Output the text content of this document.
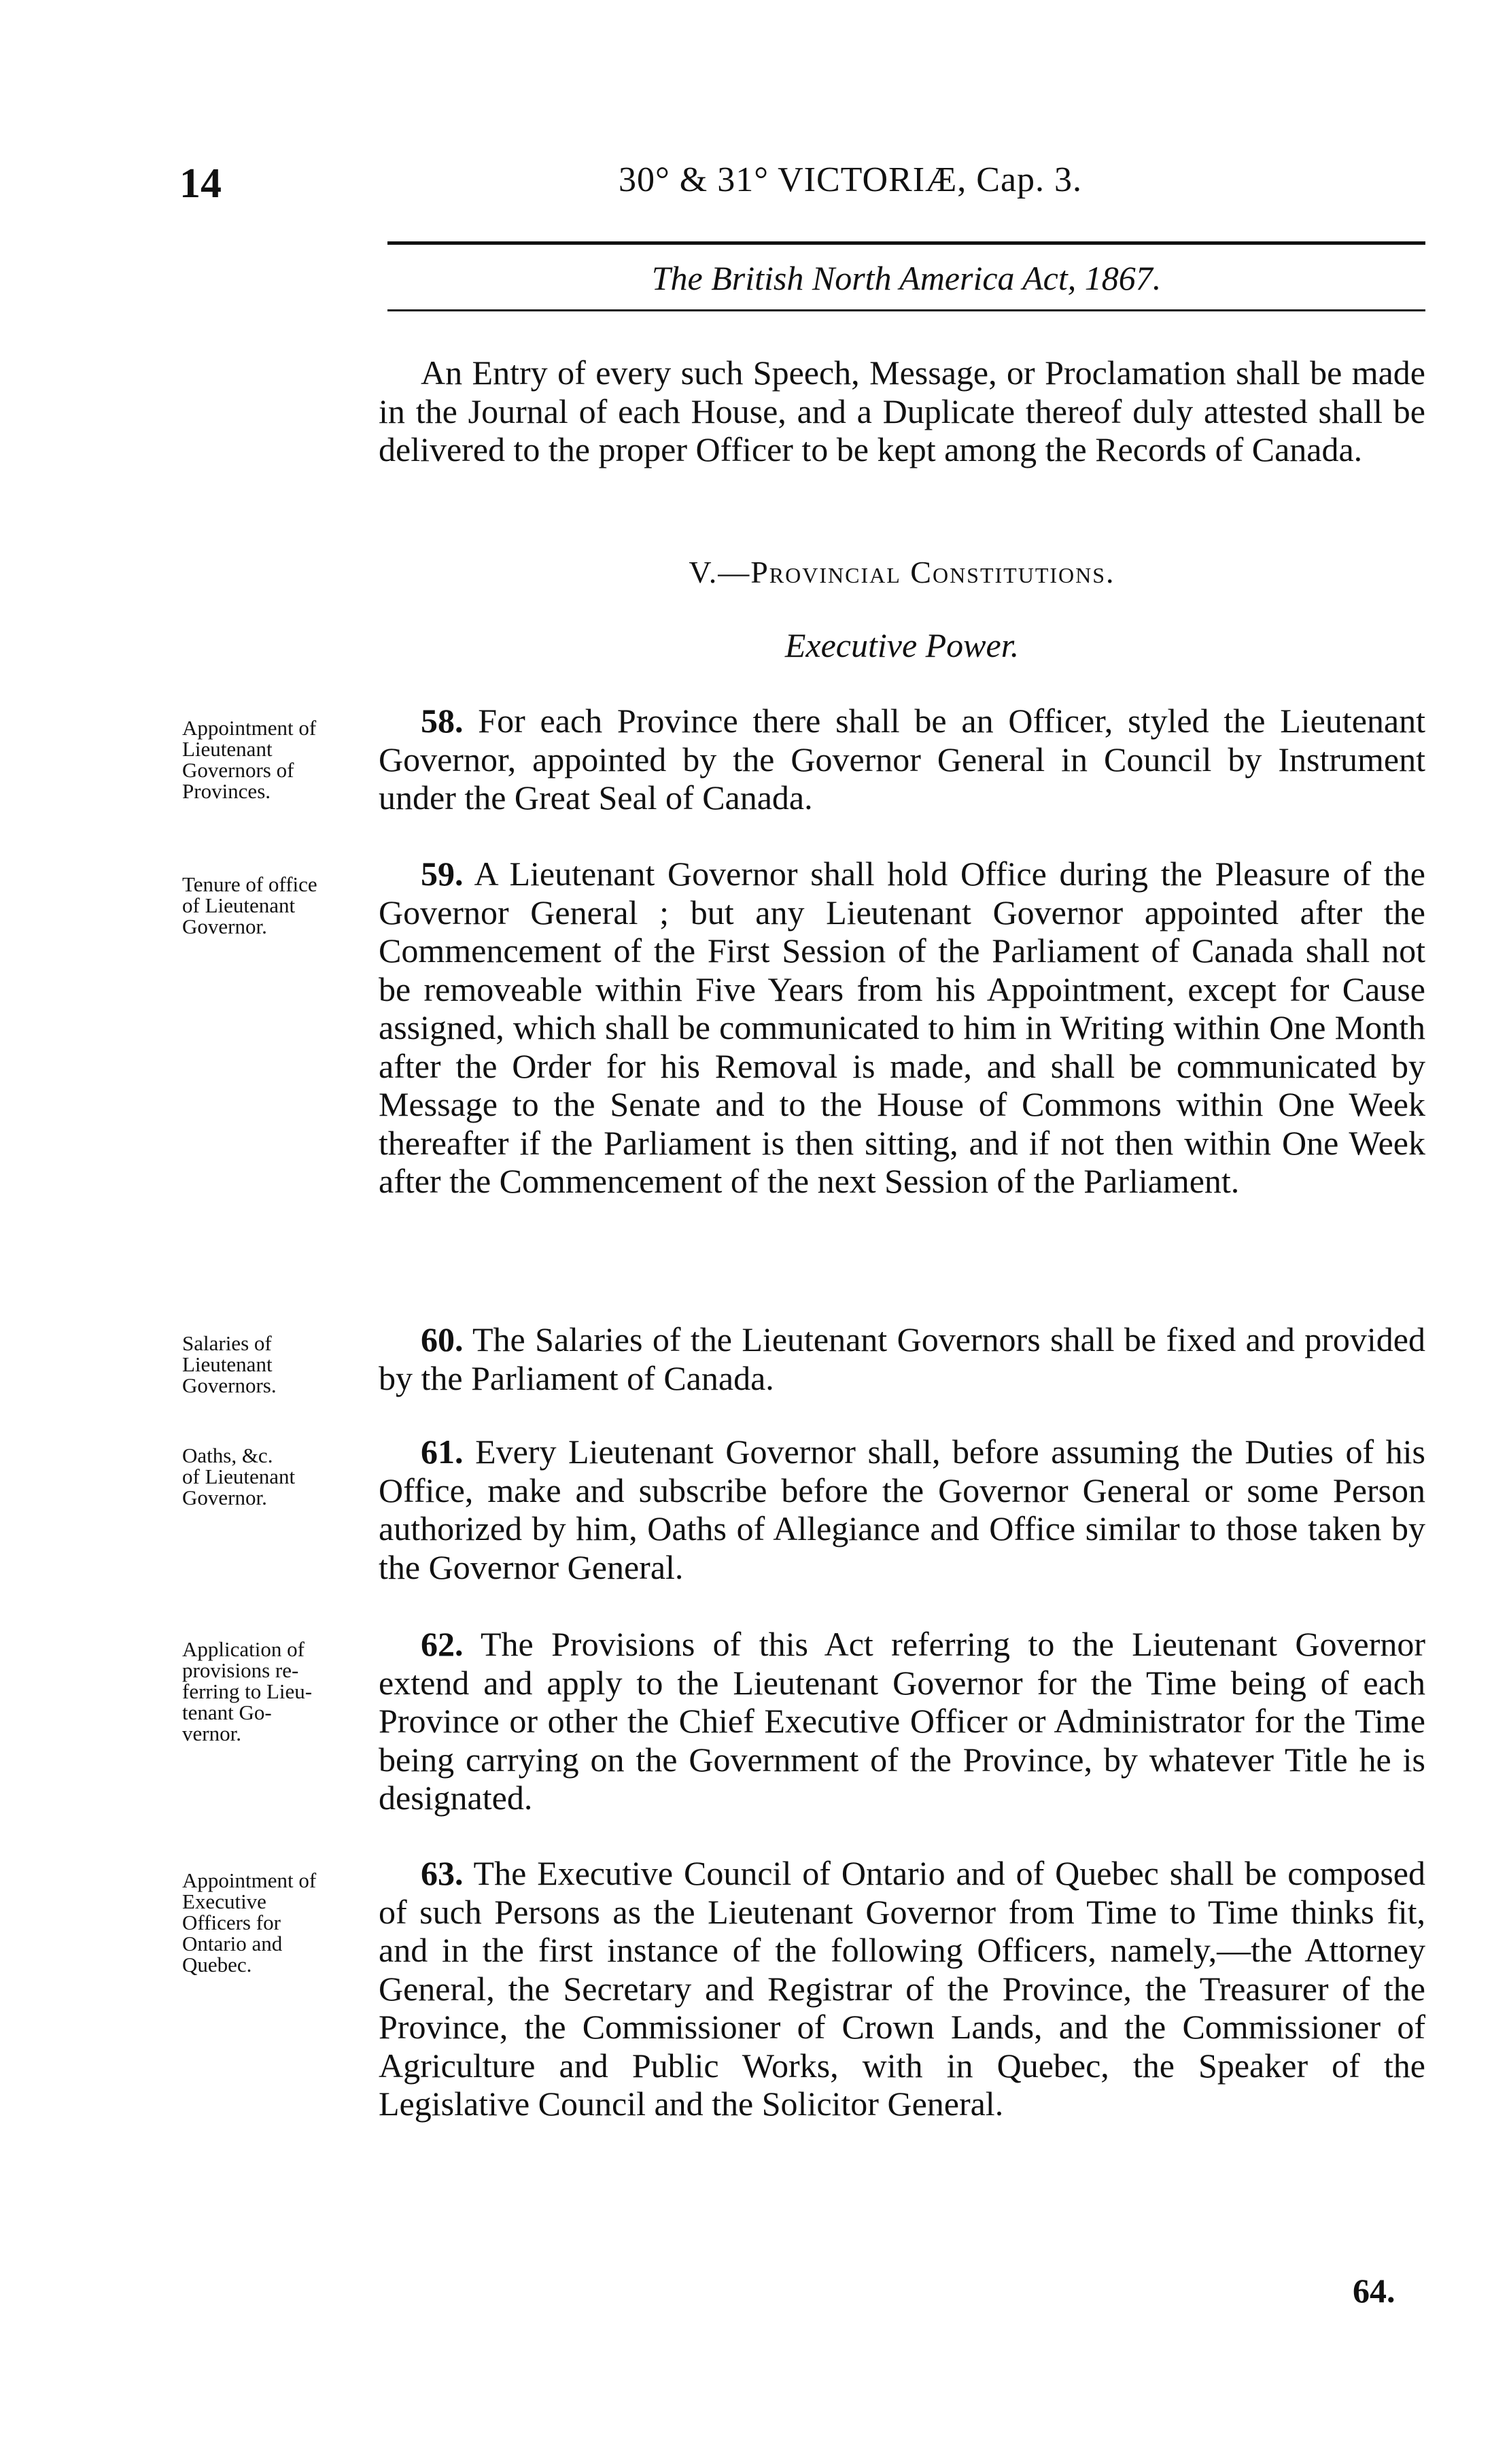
14	30° & 31° VICTORIÆ, Cap. 3.
The British North America Act, 1867.

An Entry of every such Speech, Message, or Proclamation shall be made in the Journal of each House, and a Duplicate thereof duly attested shall be delivered to the proper Officer to be kept among the Records of Canada.

V.—Provincial Constitutions.
Executive Power.

Appointment of

Lieutenant

Governors of

Provinces.

58. For each Province there shall be an Officer, styled the Lieutenant Governor, appointed by the Governor General in Council by Instrument under the Great Seal of Canada.

Tenure of office

of Lieutenant

Governor.

59. A Lieutenant Governor shall hold Office during the Pleasure of the Governor General ; but any Lieutenant Governor appointed after the Commencement of the First Session of the Parliament of Canada shall not be removeable within Five Years from his Appointment, except for Cause assigned, which shall be communicated to him in Writing within One Month after the Order for his Removal is made, and shall be communicated by Message to the Senate and to the House of Commons within One Week thereafter if the Parliament is then sitting, and if not then within One Week after the Commencement of the next Session of the Parliament.

Salaries of

Lieutenant

Governors.

60. The Salaries of the Lieutenant Governors shall be fixed and provided by the Parliament of Canada.

Oaths, &c.

of Lieutenant

Governor.

61. Every Lieutenant Governor shall, before assuming the Duties of his Office, make and subscribe before the Governor General or some Person authorized by him, Oaths of Allegiance and Office similar to those taken by the Governor General.

Application of

provisions re-

ferring to Lieu-

tenant Go-

vernor.

62. The Provisions of this Act referring to the Lieutenant Governor extend and apply to the Lieutenant Governor for the Time being of each Province or other the Chief Executive Officer or Administrator for the Time being carrying on the Government of the Province, by whatever Title he is designated.

Appointment of

Executive

Officers for

Ontario and

Quebec.

63. The Executive Council of Ontario and of Quebec shall be composed of such Persons as the Lieutenant Governor from Time to Time thinks fit, and in the first instance of the following Officers, namely,—the Attorney General, the Secretary and Registrar of the Province, the Treasurer of the Province, the Commissioner of Crown Lands, and the Commissioner of Agriculture and Public Works, with in Quebec, the Speaker of the Legislative Council and the Solicitor General.
64.
